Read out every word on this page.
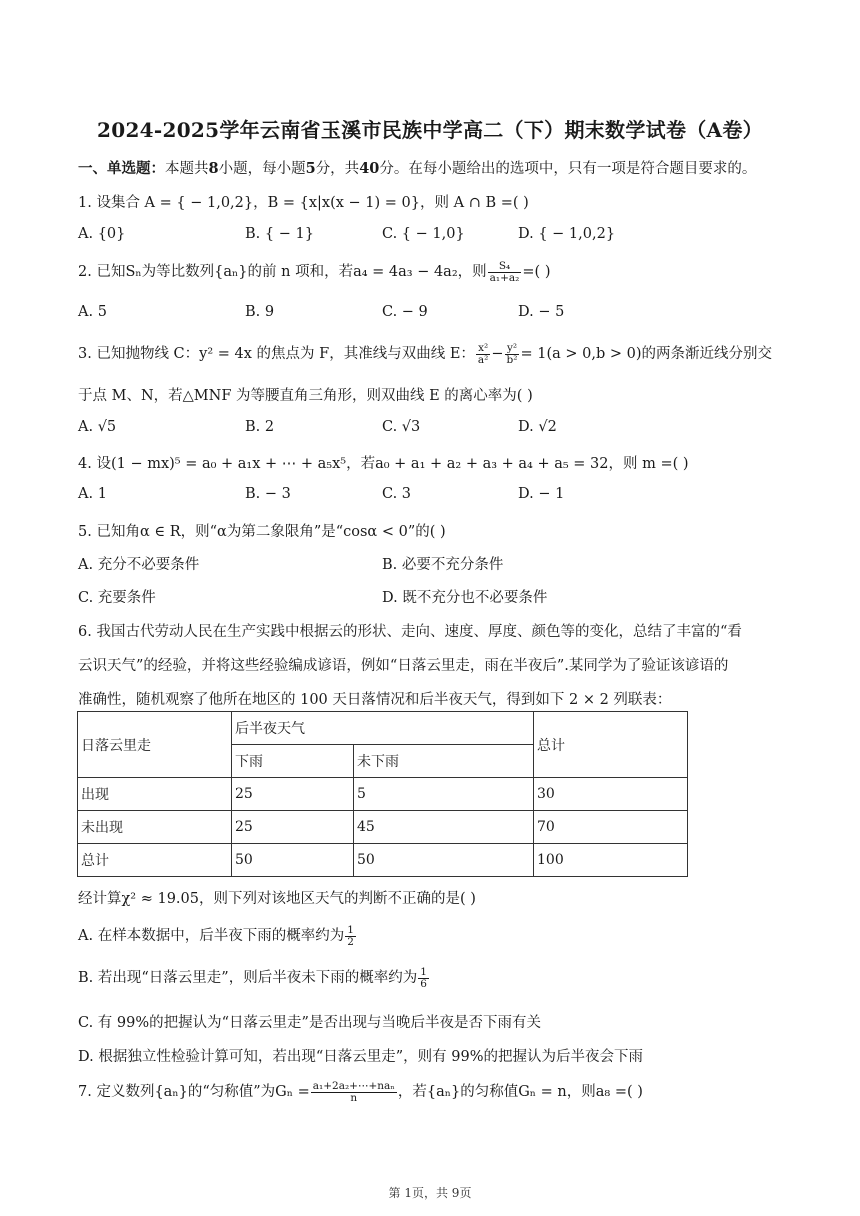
2024-2025学年云南省玉溪市民族中学高二（下）期末数学试卷（A卷）
一、单选题：本题共8小题，每小题5分，共40分。在每小题给出的选项中，只有一项是符合题目要求的。
1. 设集合 A = { − 1,0,2}，B = {x|x(x − 1) = 0}，则 A ∩ B =( )
A. {0}	B. { − 1}	C. { − 1,0}	D. { − 1,0,2}
2. 已知Sₙ为等比数列{aₙ}的前 n 项和，若a₄ = 4a₃ − 4a₂，则 $\frac{\text{S₄}}{\text{a₁+a₂}}$ =( )
A. 5	B. 9	C. − 9	D. − 5
3. 已知抛物线 C：y² = 4x 的焦点为 F，其准线与双曲线 E： $\frac{\text{x²}}{\text{a²}} - \frac{\text{y²}}{\text{b²}} = 1(a > 0,b > 0)$的两条渐近线分别交
于点 M、N，若△MNF 为等腰直角三角形，则双曲线 E 的离心率为( )
A. √5	B. 2	C. √3	D. √2
4. 设(1 − mx)⁵ = a₀ + a₁x + ⋯ + a₅x⁵，若a₀ + a₁ + a₂ + a₃ + a₄ + a₅ = 32，则 m =( )
A. 1	B. − 3	C. 3	D. − 1
5. 已知角α ∈ R，则“α为第二象限角”是“cosα < 0”的( )
A. 充分不必要条件	B. 必要不充分条件
C. 充要条件	D. 既不充分也不必要条件
6. 我国古代劳动人民在生产实践中根据云的形状、走向、速度、厚度、颜色等的变化，总结了丰富的“看
云识天气”的经验，并将这些经验编成谚语，例如“日落云里走，雨在半夜后”.某同学为了验证该谚语的
准确性，随机观察了他所在地区的 100 天日落情况和后半夜天气，得到如下 2 × 2 列联表：
日落云里走	后半夜天气		总计
	下雨	未下雨	
出现	25	5	30
未出现	25	45	70
总计	50	50	100
经计算χ² ≈ 19.05，则下列对该地区天气的判断不正确的是( )
A. 在样本数据中，后半夜下雨的概率约为 $\frac{1}{2}$
B. 若出现“日落云里走”，则后半夜未下雨的概率约为 $\frac{1}{6}$
C. 有 99%的把握认为“日落云里走”是否出现与当晚后半夜是否下雨有关
D. 根据独立性检验计算可知，若出现“日落云里走”，则有 99%的把握认为后半夜会下雨
7. 定义数列{aₙ}的“匀称值”为$G_n = \frac{\text{a₁+2a₂+⋯+naₙ}}{n}$ ，若{aₙ}的匀称值Gₙ = n，则a₈ =( )
第 1页，共 9页
